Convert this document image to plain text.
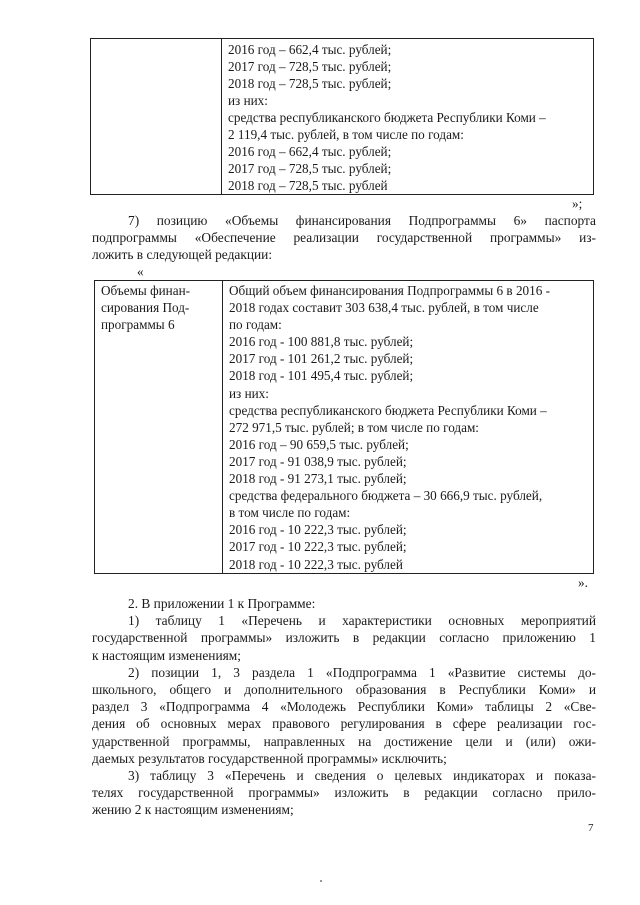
2016 год – 662,4 тыс. рублей;
2017 год – 728,5 тыс. рублей;
2018 год – 728,5 тыс. рублей;
из них:
средства республиканского бюджета Республики Коми –
2 119,4 тыс. рублей, в том числе по годам:
2016 год – 662,4 тыс. рублей;
2017 год – 728,5 тыс. рублей;
2018 год – 728,5 тыс. рублей
»;
7) позицию «Объемы финансирования Подпрограммы 6» паспорта
подпрограммы «Обеспечение реализации государственной программы» из-
ложить в следующей редакции:
«
Объемы финан-
сирования Под-
программы 6

Общий объем финансирования Подпрограммы 6 в 2016 -
2018 годах составит 303 638,4 тыс. рублей, в том числе
по годам:
2016 год - 100 881,8 тыс. рублей;
2017 год - 101 261,2 тыс. рублей;
2018 год - 101 495,4 тыс. рублей;
из них:
средства республиканского бюджета Республики Коми –
272 971,5 тыс. рублей; в том числе по годам:
2016 год – 90 659,5 тыс. рублей;
2017 год - 91 038,9 тыс. рублей;
2018 год - 91 273,1 тыс. рублей;
средства федерального бюджета – 30 666,9 тыс. рублей,
в том числе по годам:
2016 год - 10 222,3 тыс. рублей;
2017 год - 10 222,3 тыс. рублей;
2018 год - 10 222,3 тыс. рублей
».
2. В приложении 1 к Программе:
1) таблицу 1 «Перечень и характеристики основных мероприятий
государственной программы» изложить в редакции согласно приложению 1
к настоящим изменениям;
2) позиции 1, 3 раздела 1 «Подпрограмма 1 «Развитие системы до-
школьного, общего и дополнительного образования в Республики Коми» и
раздел 3 «Подпрограмма 4 «Молодежь Республики Коми» таблицы 2 «Све-
дения об основных мерах правового регулирования в сфере реализации гос-
ударственной программы, направленных на достижение цели и (или) ожи-
даемых результатов государственной программы» исключить;
3) таблицу 3 «Перечень и сведения о целевых индикаторах и показа-
телях государственной программы» изложить в редакции согласно прило-
жению 2 к настоящим изменениям;
7
